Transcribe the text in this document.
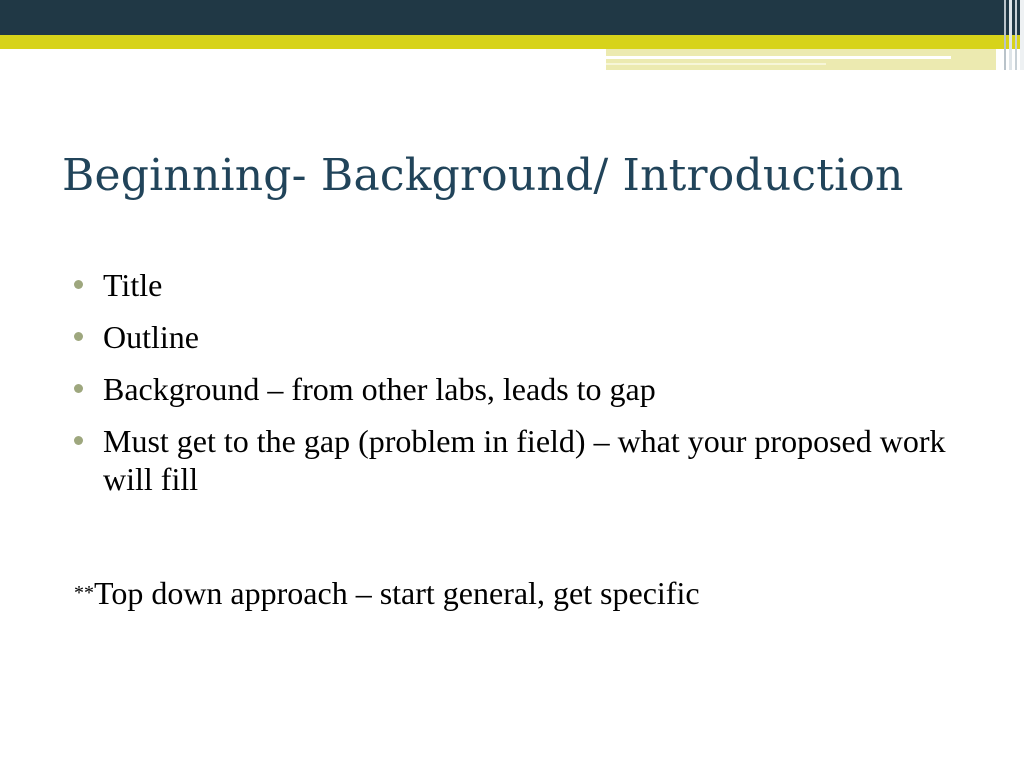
Beginning- Background/ Introduction
Title
Outline
Background – from other labs, leads to gap
Must get to the gap (problem in field) – what your proposed work will fill

**Top down approach – start general, get specific
